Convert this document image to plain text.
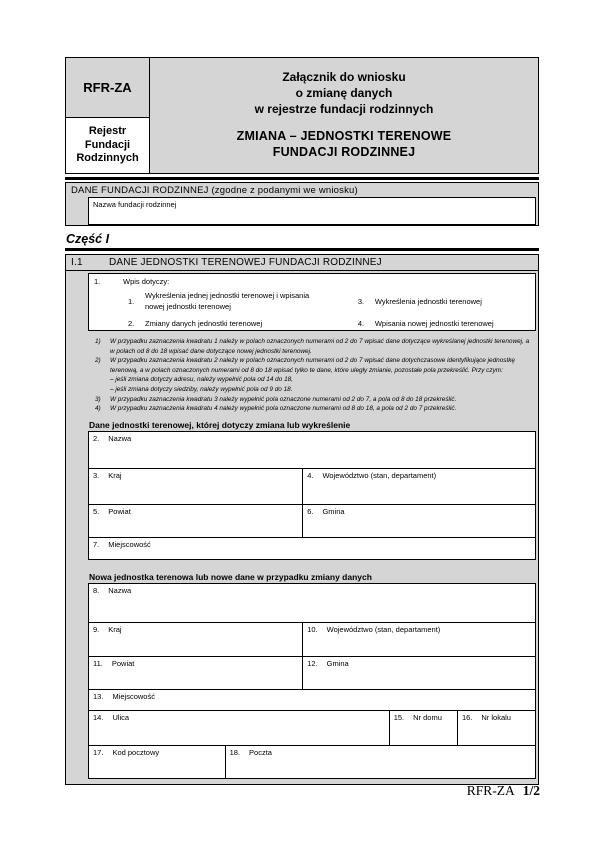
RFR-ZA
Rejestr Fundacji Rodzinnych
Załącznik do wniosku
o zmianę danych
w rejestrze fundacji rodzinnych
ZMIANA – JEDNOSTKI TERENOWE
FUNDACJI RODZINNEJ
DANE FUNDACJI RODZINNEJ (zgodne z podanymi we wniosku)
Nazwa fundacji rodzinnej
Część I
I.1	DANE JEDNOSTKI TERENOWEJ FUNDACJI RODZINNEJ
1.	Wpis dotyczy:
1.
Wykreślenia jednej jednostki terenowej i wpisania nowej jednostki terenowej
3.	Wykreślenia jednostki terenowej
2.	Zmiany danych jednostki terenowej	4.	Wpisania nowej jednostki terenowej
1)	W przypadku zaznaczenia kwadratu 1 należy w polach oznaczonych numerami od 2 do 7 wpisać dane dotyczące wykreślanej jednostki terenowej, a w polach od 8 do 18 wpisać dane dotyczące nowej jednostki terenowej.
2)	W przypadku zaznaczenia kwadratu 2 należy w polach oznaczonych numerami od 2 do 7 wpisać dane dotychczasowe identyfikujące jednostkę terenową, a w polach oznaczonych numerami od 8 do 18 wpisać tylko te dane, które uległy zmianie, pozostałe pola przekreślić. Przy czym:
– jeśli zmiana dotyczy adresu, należy wypełnić pola od 14 do 18,
– jeśli zmiana dotyczy siedziby, należy wypełnić pola od 9 do 18.
3)	W przypadku zaznaczenia kwadratu 3 należy wypełnić pola oznaczone numerami od 2 do 7, a pola od 8 do 18 przekreślić.
4)	W przypadku zaznaczenia kwadratu 4 należy wypełnić pola oznaczone numerami od 8 do 18, a pola od 2 do 7 przekreślić.
Dane jednostki terenowej, której dotyczy zmiana lub wykreślenie
2. Nazwa
3. Kraj	4. Województwo (stan, departament)
5. Powiat	6. Gmina
7. Miejscowość
Nowa jednostka terenowa lub nowe dane w przypadku zmiany danych
8. Nazwa
9. Kraj	10. Województwo (stan, departament)
11. Powiat	12. Gmina
13. Miejscowość
14. Ulica	15. Nr domu	16. Nr lokalu
17. Kod pocztowy	18. Poczta
RFR-ZA 1/2
